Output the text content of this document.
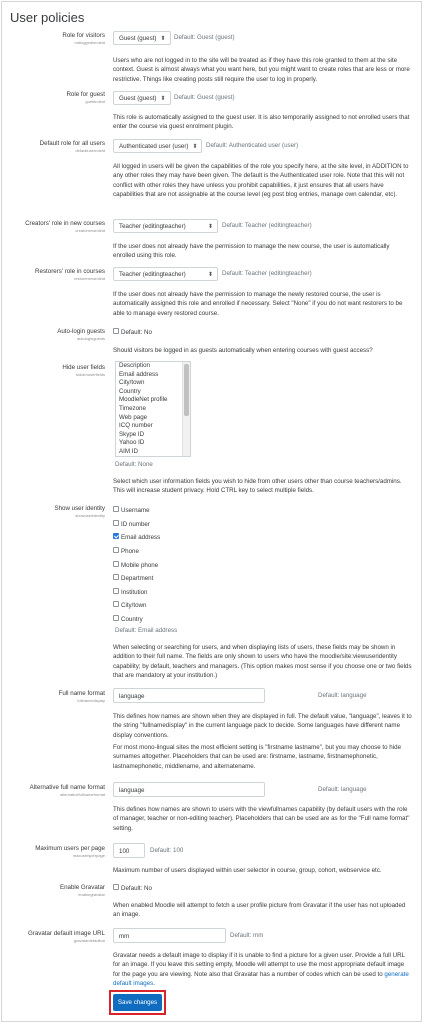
User policies
Role for visitors
notloggedinroleid
Guest (guest) ⬍ Default: Guest (guest)

Users who are not logged in to the site will be treated as if they have this role granted to them at the site context. Guest is almost always what you want here, but you might want to create roles that are less or more restrictive. Things like creating posts still require the user to log in properly.

Role for guest
guestroleid	Guest (guest) ⬍ Default: Guest (guest)

This role is automatically assigned to the guest user. It is also temporarily assigned to not enrolled users that enter the course via guest enrolment plugin.

Default role for all users
defaultuserroleid
Authenticated user (user) ⬍ Default: Authenticated user (user)

All logged in users will be given the capabilities of the role you specify here, at the site level, in ADDITION to any other roles they may have been given. The default is the Authenticated user role. Note that this will not conflict with other roles they have unless you prohibit capabilities, it just ensures that all users have capabilities that are not assignable at the course level (eg post blog entries, manage own calendar, etc).

Creators' role in new courses
creatornewroleid
Teacher (editingteacher)	⬍ Default: Teacher (editingteacher)

If the user does not already have the permission to manage the new course, the user is automatically enrolled using this role.

Restorers' role in courses
restorernewroleid
Teacher (editingteacher)	⬍ Default: Teacher (editingteacher)

If the user does not already have the permission to manage the newly restored course, the user is automatically assigned this role and enrolled if necessary. Select "None" if you do not want restorers to be able to manage every restored course.

Auto-login guests
autologinguests
Default: No

Should visitors be logged in as guests automatically when entering courses with guest access?

Hide user fields
hiddenuserfields
Description
Email address
City/town
Country
MoodleNet profile
Timezone
Web page
ICQ number
Skype ID
Yahoo ID
AIM ID
Default: None

Select which user information fields you wish to hide from other users other than course teachers/admins. This will increase student privacy. Hold CTRL key to select multiple fields.

Show user identity
showuseridentity
Username
ID number
Email address
Phone
Mobile phone
Department
Institution
City/town
Country
Default: Email address

When selecting or searching for users, and when displaying lists of users, these fields may be shown in addition to their full name. The fields are only shown to users who have the moodle/site:viewuseridentity capability; by default, teachers and managers. (This option makes most sense if you choose one or two fields that are mandatory at your institution.)

Full name format
fullnamedisplay
language	Default: language

This defines how names are shown when they are displayed in full. The default value, "language", leaves it to the string "fullnamedisplay" in the current language pack to decide. Some languages have different name display conventions.

For most mono-lingual sites the most efficient setting is "firstname lastname", but you may choose to hide surnames altogether. Placeholders that can be used are: firstname, lastname, firstnamephonetic, lastnamephonetic, middlename, and alternatename.

Alternative full name format
alternativefullnameformat
language	Default: language

This defines how names are shown to users with the viewfullnames capability (by default users with the role of manager, teacher or non-editing teacher). Placeholders that can be used are as for the "Full name format" setting.

Maximum users per page
maxusersperpage
100	Default: 100

Maximum number of users displayed within user selector in course, group, cohort, webservice etc.

Enable Gravatar
enablegravatar
Default: No

When enabled Moodle will attempt to fetch a user profile picture from Gravatar if the user has not uploaded an image.

Gravatar default image URL
gravatardefaulturl
mm	Default: mm

Gravatar needs a default image to display if it is unable to find a picture for a given user. Provide a full URL for an image. If you leave this setting empty, Moodle will attempt to use the most appropriate default image for the page you are viewing. Note also that Gravatar has a number of codes which can be used to generate default images.

Save changes
